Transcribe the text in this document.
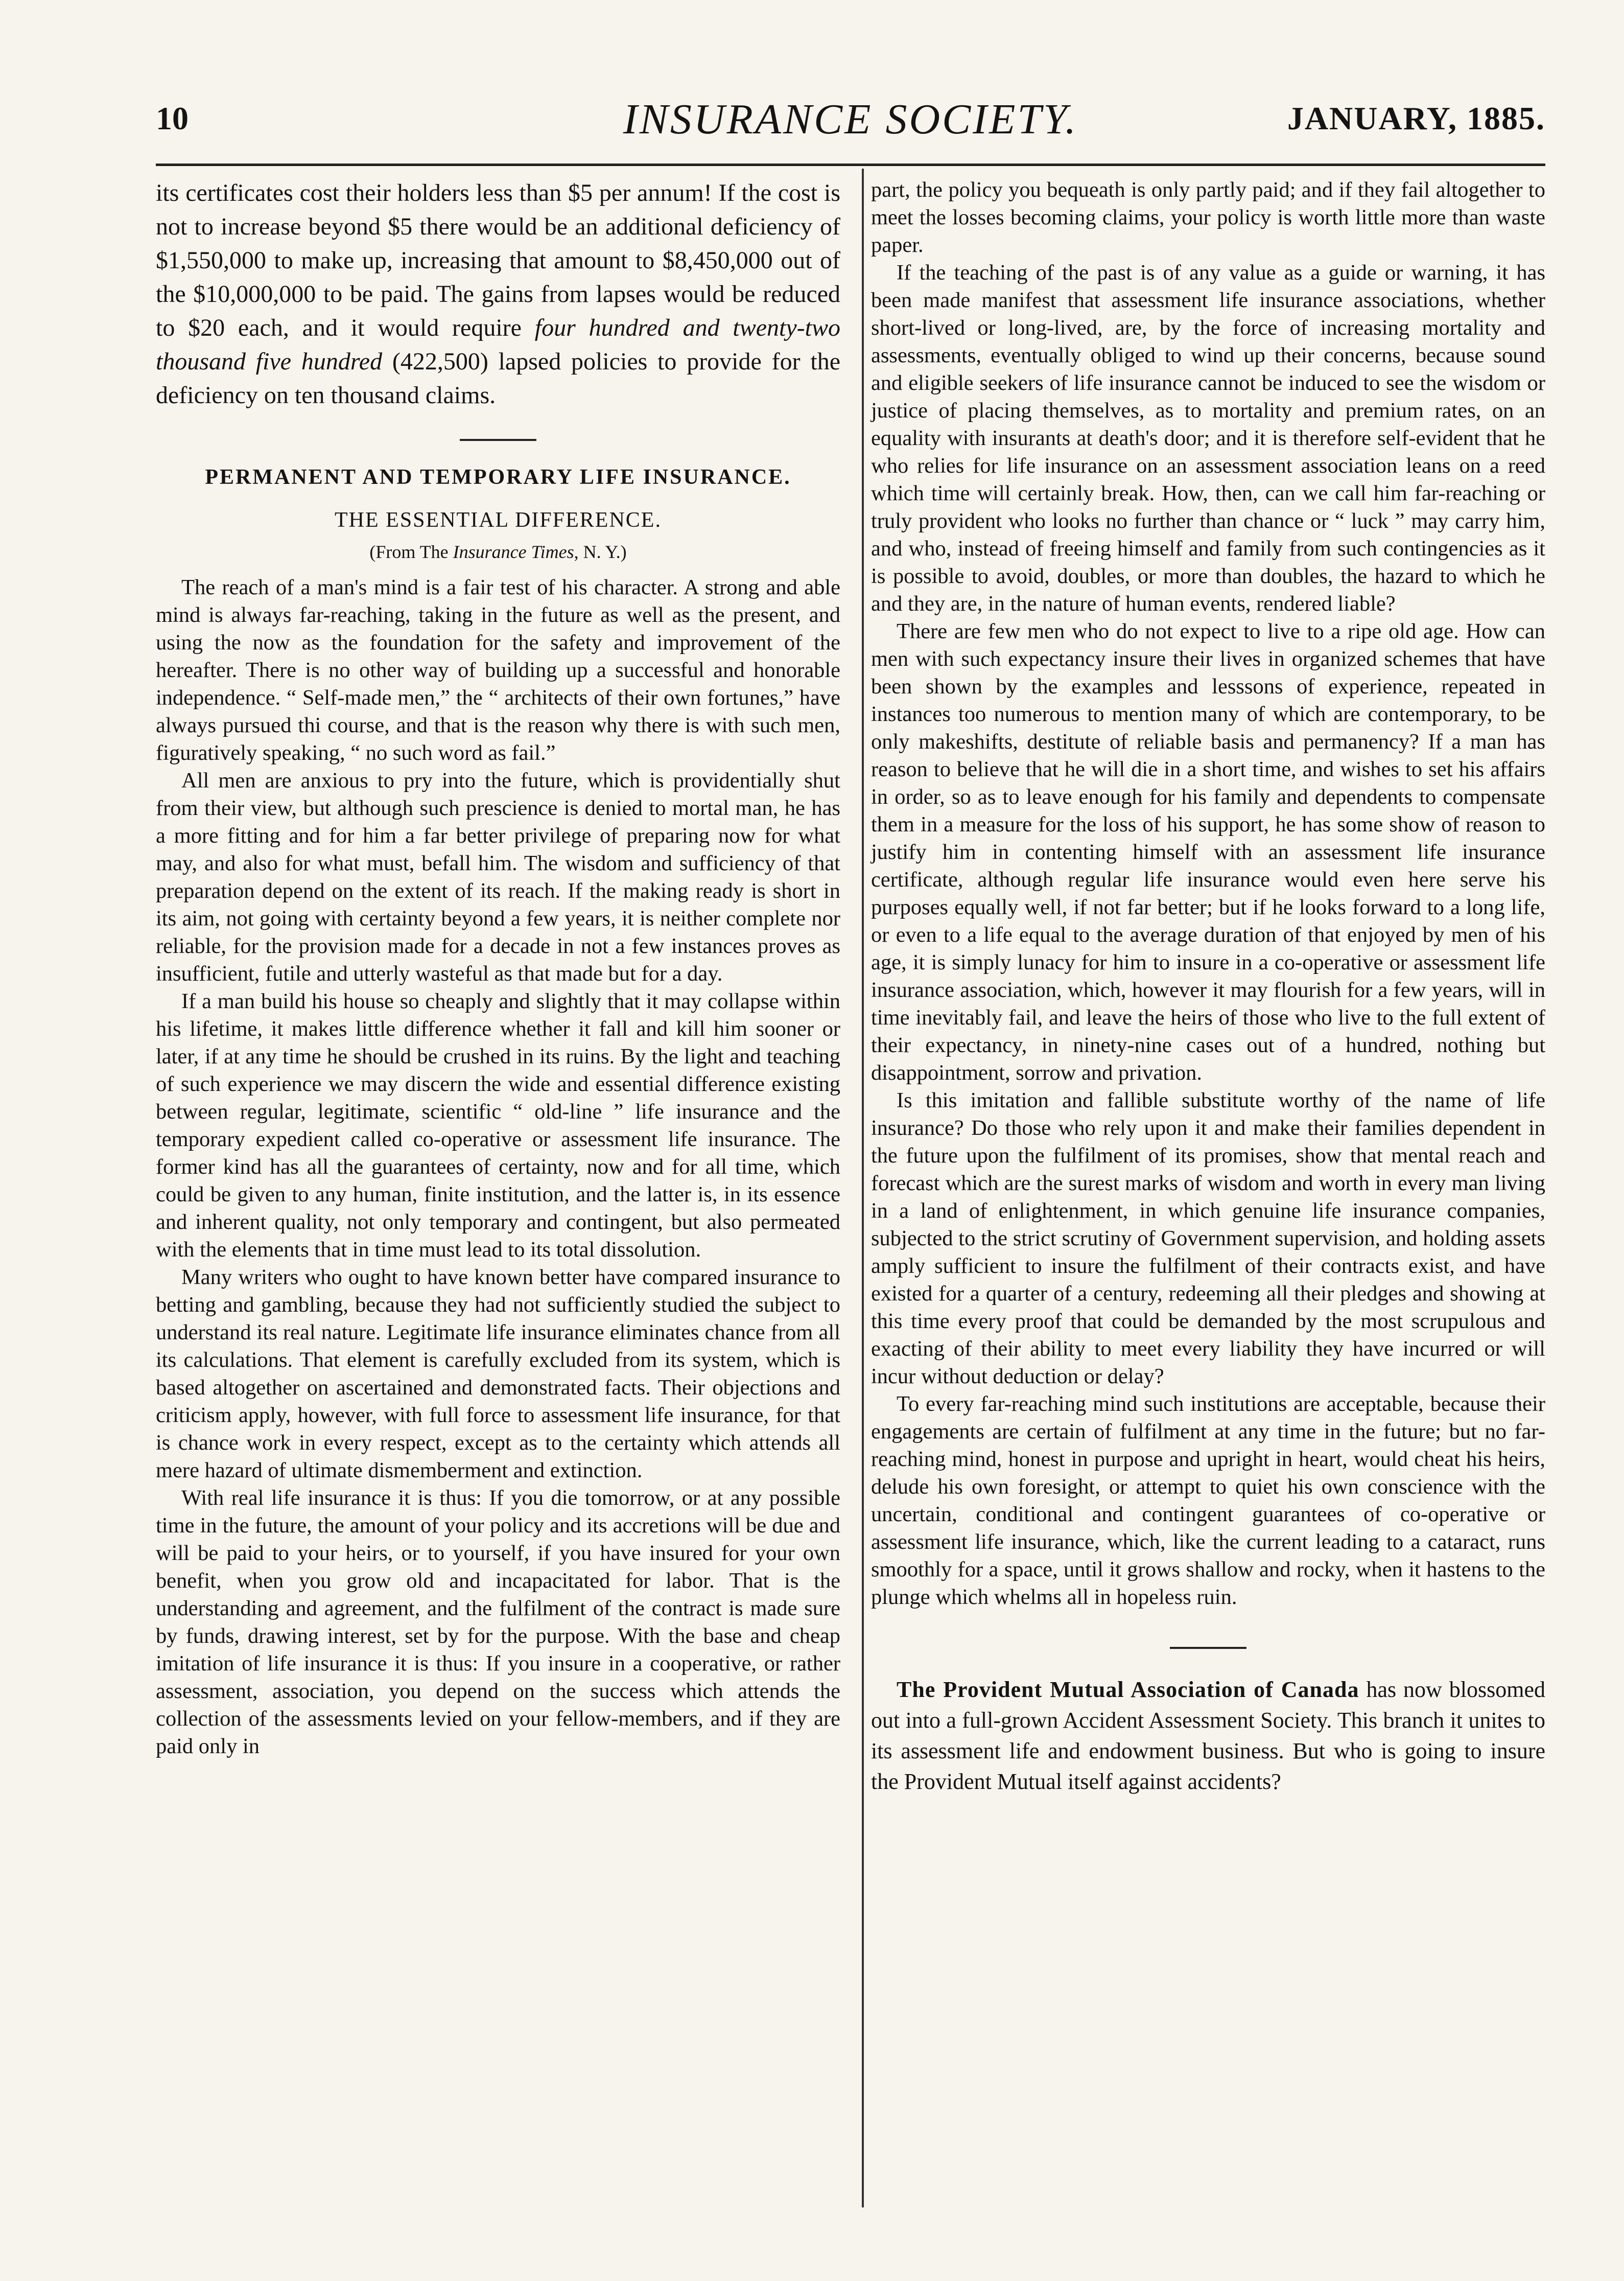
10	INSURANCE SOCIETY.	JANUARY, 1885.

its certificates cost their holders less than $5 per annum! If the cost is not to increase beyond $5 there would be an additional deficiency of $1,550,000 to make up, increasing that amount to $8,450,000 out of the $10,000,000 to be paid. The gains from lapses would be reduced to $20 each, and it would require four hundred and twenty-two thousand five hundred (422,500) lapsed policies to provide for the deficiency on ten thousand claims.

PERMANENT AND TEMPORARY LIFE INSURANCE.

THE ESSENTIAL DIFFERENCE.

(From The Insurance Times, N. Y.)

The reach of a man's mind is a fair test of his character. A strong and able mind is always far-reaching, taking in the future as well as the present, and using the now as the foundation for the safety and improvement of the hereafter. There is no other way of building up a successful and honorable independence. “ Self-made men,” the “ architects of their own fortunes,” have always pursued thi course, and that is the reason why there is with such men, figuratively speaking, “ no such word as fail.”

All men are anxious to pry into the future, which is providentially shut from their view, but although such prescience is denied to mortal man, he has a more fitting and for him a far better privilege of preparing now for what may, and also for what must, befall him. The wisdom and sufficiency of that preparation depend on the extent of its reach. If the making ready is short in its aim, not going with certainty beyond a few years, it is neither complete nor reliable, for the provision made for a decade in not a few instances proves as insufficient, futile and utterly wasteful as that made but for a day.

If a man build his house so cheaply and slightly that it may collapse within his lifetime, it makes little difference whether it fall and kill him sooner or later, if at any time he should be crushed in its ruins. By the light and teaching of such experience we may discern the wide and essential difference existing between regular, legitimate, scientific “ old-line ” life insurance and the temporary expedient called co-operative or assessment life insurance. The former kind has all the guarantees of certainty, now and for all time, which could be given to any human, finite institution, and the latter is, in its essence and inherent quality, not only temporary and contingent, but also permeated with the elements that in time must lead to its total dissolution.

Many writers who ought to have known better have compared insurance to betting and gambling, because they had not sufficiently studied the subject to understand its real nature. Legitimate life insurance eliminates chance from all its calculations. That element is carefully excluded from its system, which is based altogether on ascertained and demonstrated facts. Their objections and criticism apply, however, with full force to assessment life insurance, for that is chance work in every respect, except as to the certainty which attends all mere hazard of ultimate dismemberment and extinction.

With real life insurance it is thus: If you die tomorrow, or at any possible time in the future, the amount of your policy and its accretions will be due and will be paid to your heirs, or to yourself, if you have insured for your own benefit, when you grow old and incapacitated for labor. That is the understanding and agreement, and the fulfilment of the contract is made sure by funds, drawing interest, set by for the purpose. With the base and cheap imitation of life insurance it is thus: If you insure in a cooperative, or rather assessment, association, you depend on the success which attends the collection of the assessments levied on your fellow-members, and if they are paid only in

part, the policy you bequeath is only partly paid; and if they fail altogether to meet the losses becoming claims, your policy is worth little more than waste paper.

If the teaching of the past is of any value as a guide or warning, it has been made manifest that assessment life insurance associations, whether short-lived or long-lived, are, by the force of increasing mortality and assessments, eventually obliged to wind up their concerns, because sound and eligible seekers of life insurance cannot be induced to see the wisdom or justice of placing themselves, as to mortality and premium rates, on an equality with insurants at death's door; and it is therefore self-evident that he who relies for life insurance on an assessment association leans on a reed which time will certainly break. How, then, can we call him far-reaching or truly provident who looks no further than chance or “ luck ” may carry him, and who, instead of freeing himself and family from such contingencies as it is possible to avoid, doubles, or more than doubles, the hazard to which he and they are, in the nature of human events, rendered liable?

There are few men who do not expect to live to a ripe old age. How can men with such expectancy insure their lives in organized schemes that have been shown by the examples and lesssons of experience, repeated in instances too numerous to mention many of which are contemporary, to be only makeshifts, destitute of reliable basis and permanency? If a man has reason to believe that he will die in a short time, and wishes to set his affairs in order, so as to leave enough for his family and dependents to compensate them in a measure for the loss of his support, he has some show of reason to justify him in contenting himself with an assessment life insurance certificate, although regular life insurance would even here serve his purposes equally well, if not far better; but if he looks forward to a long life, or even to a life equal to the average duration of that enjoyed by men of his age, it is simply lunacy for him to insure in a co-operative or assessment life insurance association, which, however it may flourish for a few years, will in time inevitably fail, and leave the heirs of those who live to the full extent of their expectancy, in ninety-nine cases out of a hundred, nothing but disappointment, sorrow and privation.

Is this imitation and fallible substitute worthy of the name of life insurance? Do those who rely upon it and make their families dependent in the future upon the fulfilment of its promises, show that mental reach and forecast which are the surest marks of wisdom and worth in every man living in a land of enlightenment, in which genuine life insurance companies, subjected to the strict scrutiny of Government supervision, and holding assets amply sufficient to insure the fulfilment of their contracts exist, and have existed for a quarter of a century, redeeming all their pledges and showing at this time every proof that could be demanded by the most scrupulous and exacting of their ability to meet every liability they have incurred or will incur without deduction or delay?

To every far-reaching mind such institutions are acceptable, because their engagements are certain of fulfilment at any time in the future; but no far-reaching mind, honest in purpose and upright in heart, would cheat his heirs, delude his own foresight, or attempt to quiet his own conscience with the uncertain, conditional and contingent guarantees of co-operative or assessment life insurance, which, like the current leading to a cataract, runs smoothly for a space, until it grows shallow and rocky, when it hastens to the plunge which whelms all in hopeless ruin.

The Provident Mutual Association of Canada has now blossomed out into a full-grown Accident Assessment Society. This branch it unites to its assessment life and endowment business. But who is going to insure the Provident Mutual itself against accidents?
